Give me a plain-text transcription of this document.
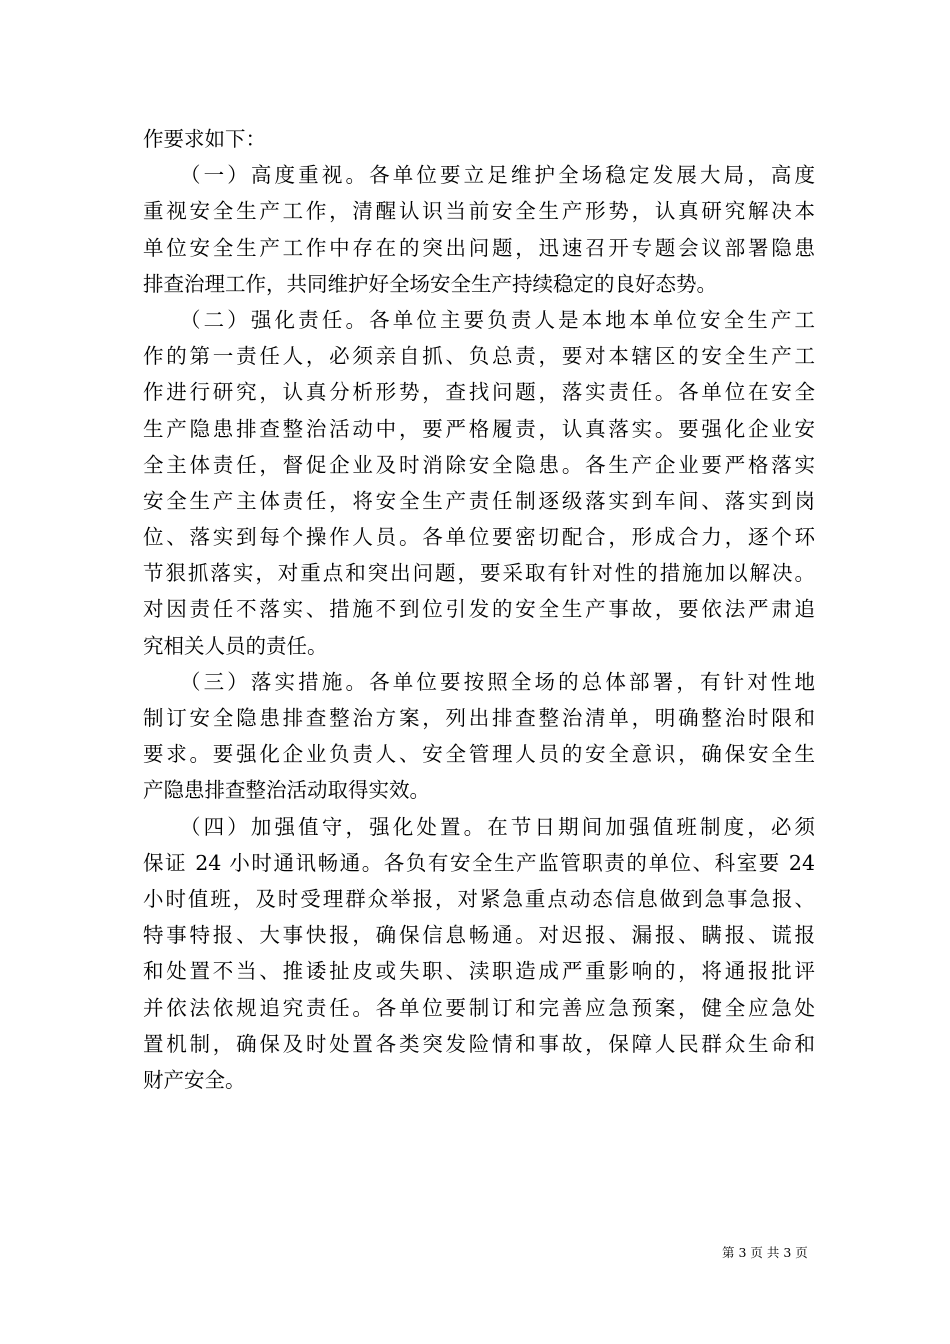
作要求如下：
　　（一）高度重视。各单位要立足维护全场稳定发展大局，高度
重视安全生产工作，清醒认识当前安全生产形势，认真研究解决本
单位安全生产工作中存在的突出问题，迅速召开专题会议部署隐患
排查治理工作，共同维护好全场安全生产持续稳定的良好态势。
　　（二）强化责任。各单位主要负责人是本地本单位安全生产工
作的第一责任人，必须亲自抓、负总责，要对本辖区的安全生产工
作进行研究，认真分析形势，查找问题，落实责任。各单位在安全
生产隐患排查整治活动中，要严格履责，认真落实。要强化企业安
全主体责任，督促企业及时消除安全隐患。各生产企业要严格落实
安全生产主体责任，将安全生产责任制逐级落实到车间、落实到岗
位、落实到每个操作人员。各单位要密切配合，形成合力，逐个环
节狠抓落实，对重点和突出问题，要采取有针对性的措施加以解决。
对因责任不落实、措施不到位引发的安全生产事故，要依法严肃追
究相关人员的责任。
　　（三）落实措施。各单位要按照全场的总体部署，有针对性地
制订安全隐患排查整治方案，列出排查整治清单，明确整治时限和
要求。要强化企业负责人、安全管理人员的安全意识，确保安全生
产隐患排查整治活动取得实效。
　　（四）加强值守，强化处置。在节日期间加强值班制度，必须
保证 24 小时通讯畅通。各负有安全生产监管职责的单位、科室要 24
小时值班，及时受理群众举报，对紧急重点动态信息做到急事急报、
特事特报、大事快报，确保信息畅通。对迟报、漏报、瞒报、谎报
和处置不当、推诿扯皮或失职、渎职造成严重影响的，将通报批评
并依法依规追究责任。各单位要制订和完善应急预案，健全应急处
置机制，确保及时处置各类突发险情和事故，保障人民群众生命和
财产安全。
第 3 页 共 3 页
